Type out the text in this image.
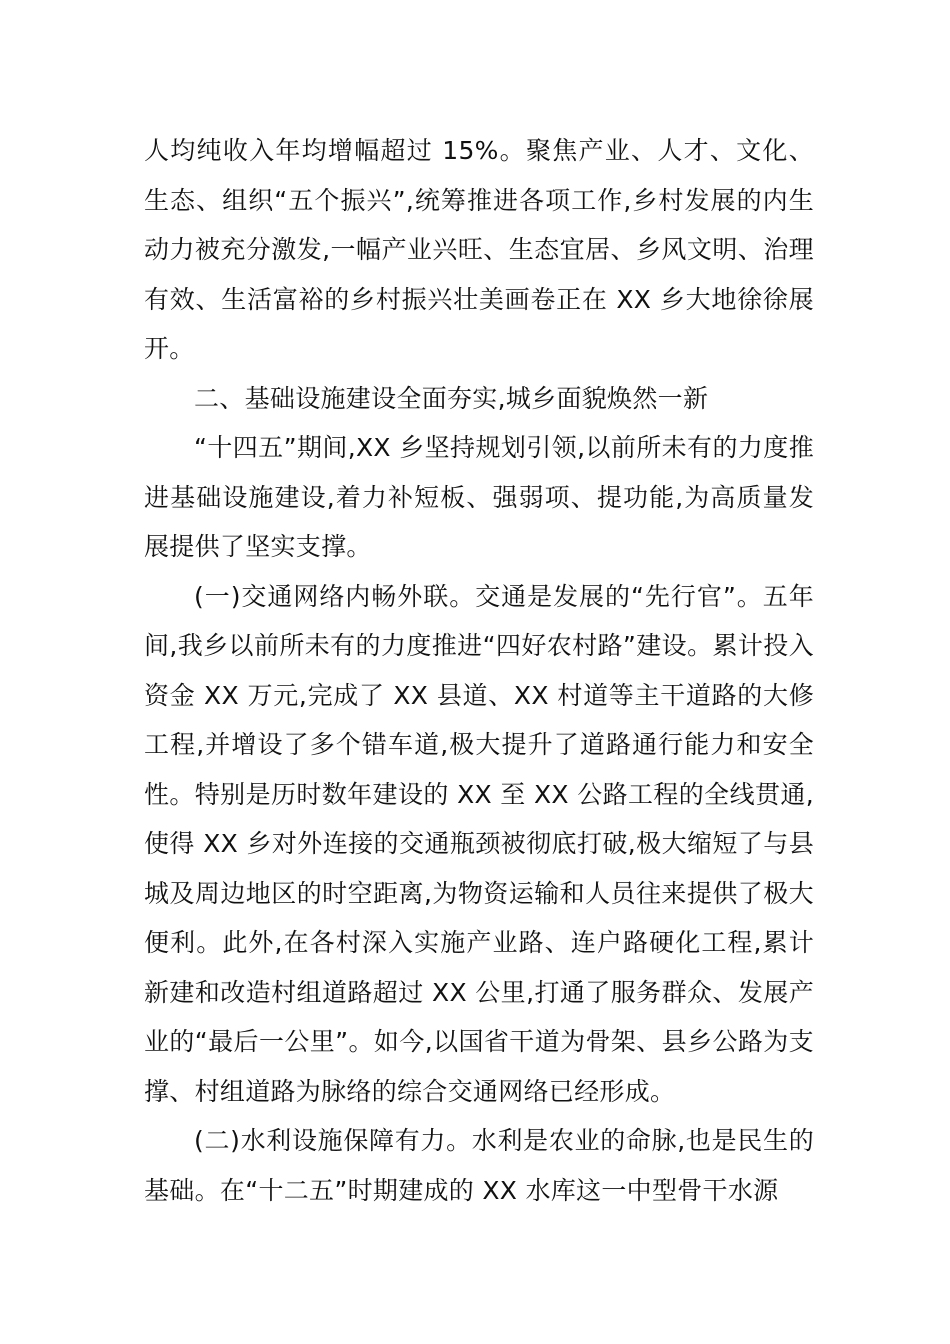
人均纯收入年均增幅超过 15%。聚焦产业、人才、文化、生态、组织“五个振兴”,统筹推进各项工作,乡村发展的内生动力被充分激发,一幅产业兴旺、生态宜居、乡风文明、治理有效、生活富裕的乡村振兴壮美画卷正在 XX 乡大地徐徐展开。

二、基础设施建设全面夯实,城乡面貌焕然一新

“十四五”期间,XX 乡坚持规划引领,以前所未有的力度推进基础设施建设,着力补短板、强弱项、提功能,为高质量发展提供了坚实支撑。

(一)交通网络内畅外联。交通是发展的“先行官”。五年间,我乡以前所未有的力度推进“四好农村路”建设。累计投入资金 XX 万元,完成了 XX 县道、XX 村道等主干道路的大修工程,并增设了多个错车道,极大提升了道路通行能力和安全性。特别是历时数年建设的 XX 至 XX 公路工程的全线贯通,使得 XX 乡对外连接的交通瓶颈被彻底打破,极大缩短了与县城及周边地区的时空距离,为物资运输和人员往来提供了极大便利。此外,在各村深入实施产业路、连户路硬化工程,累计新建和改造村组道路超过 XX 公里,打通了服务群众、发展产业的“最后一公里”。如今,以国省干道为骨架、县乡公路为支撑、村组道路为脉络的综合交通网络已经形成。

(二)水利设施保障有力。水利是农业的命脉,也是民生的基础。在“十二五”时期建成的 XX 水库这一中型骨干水源
